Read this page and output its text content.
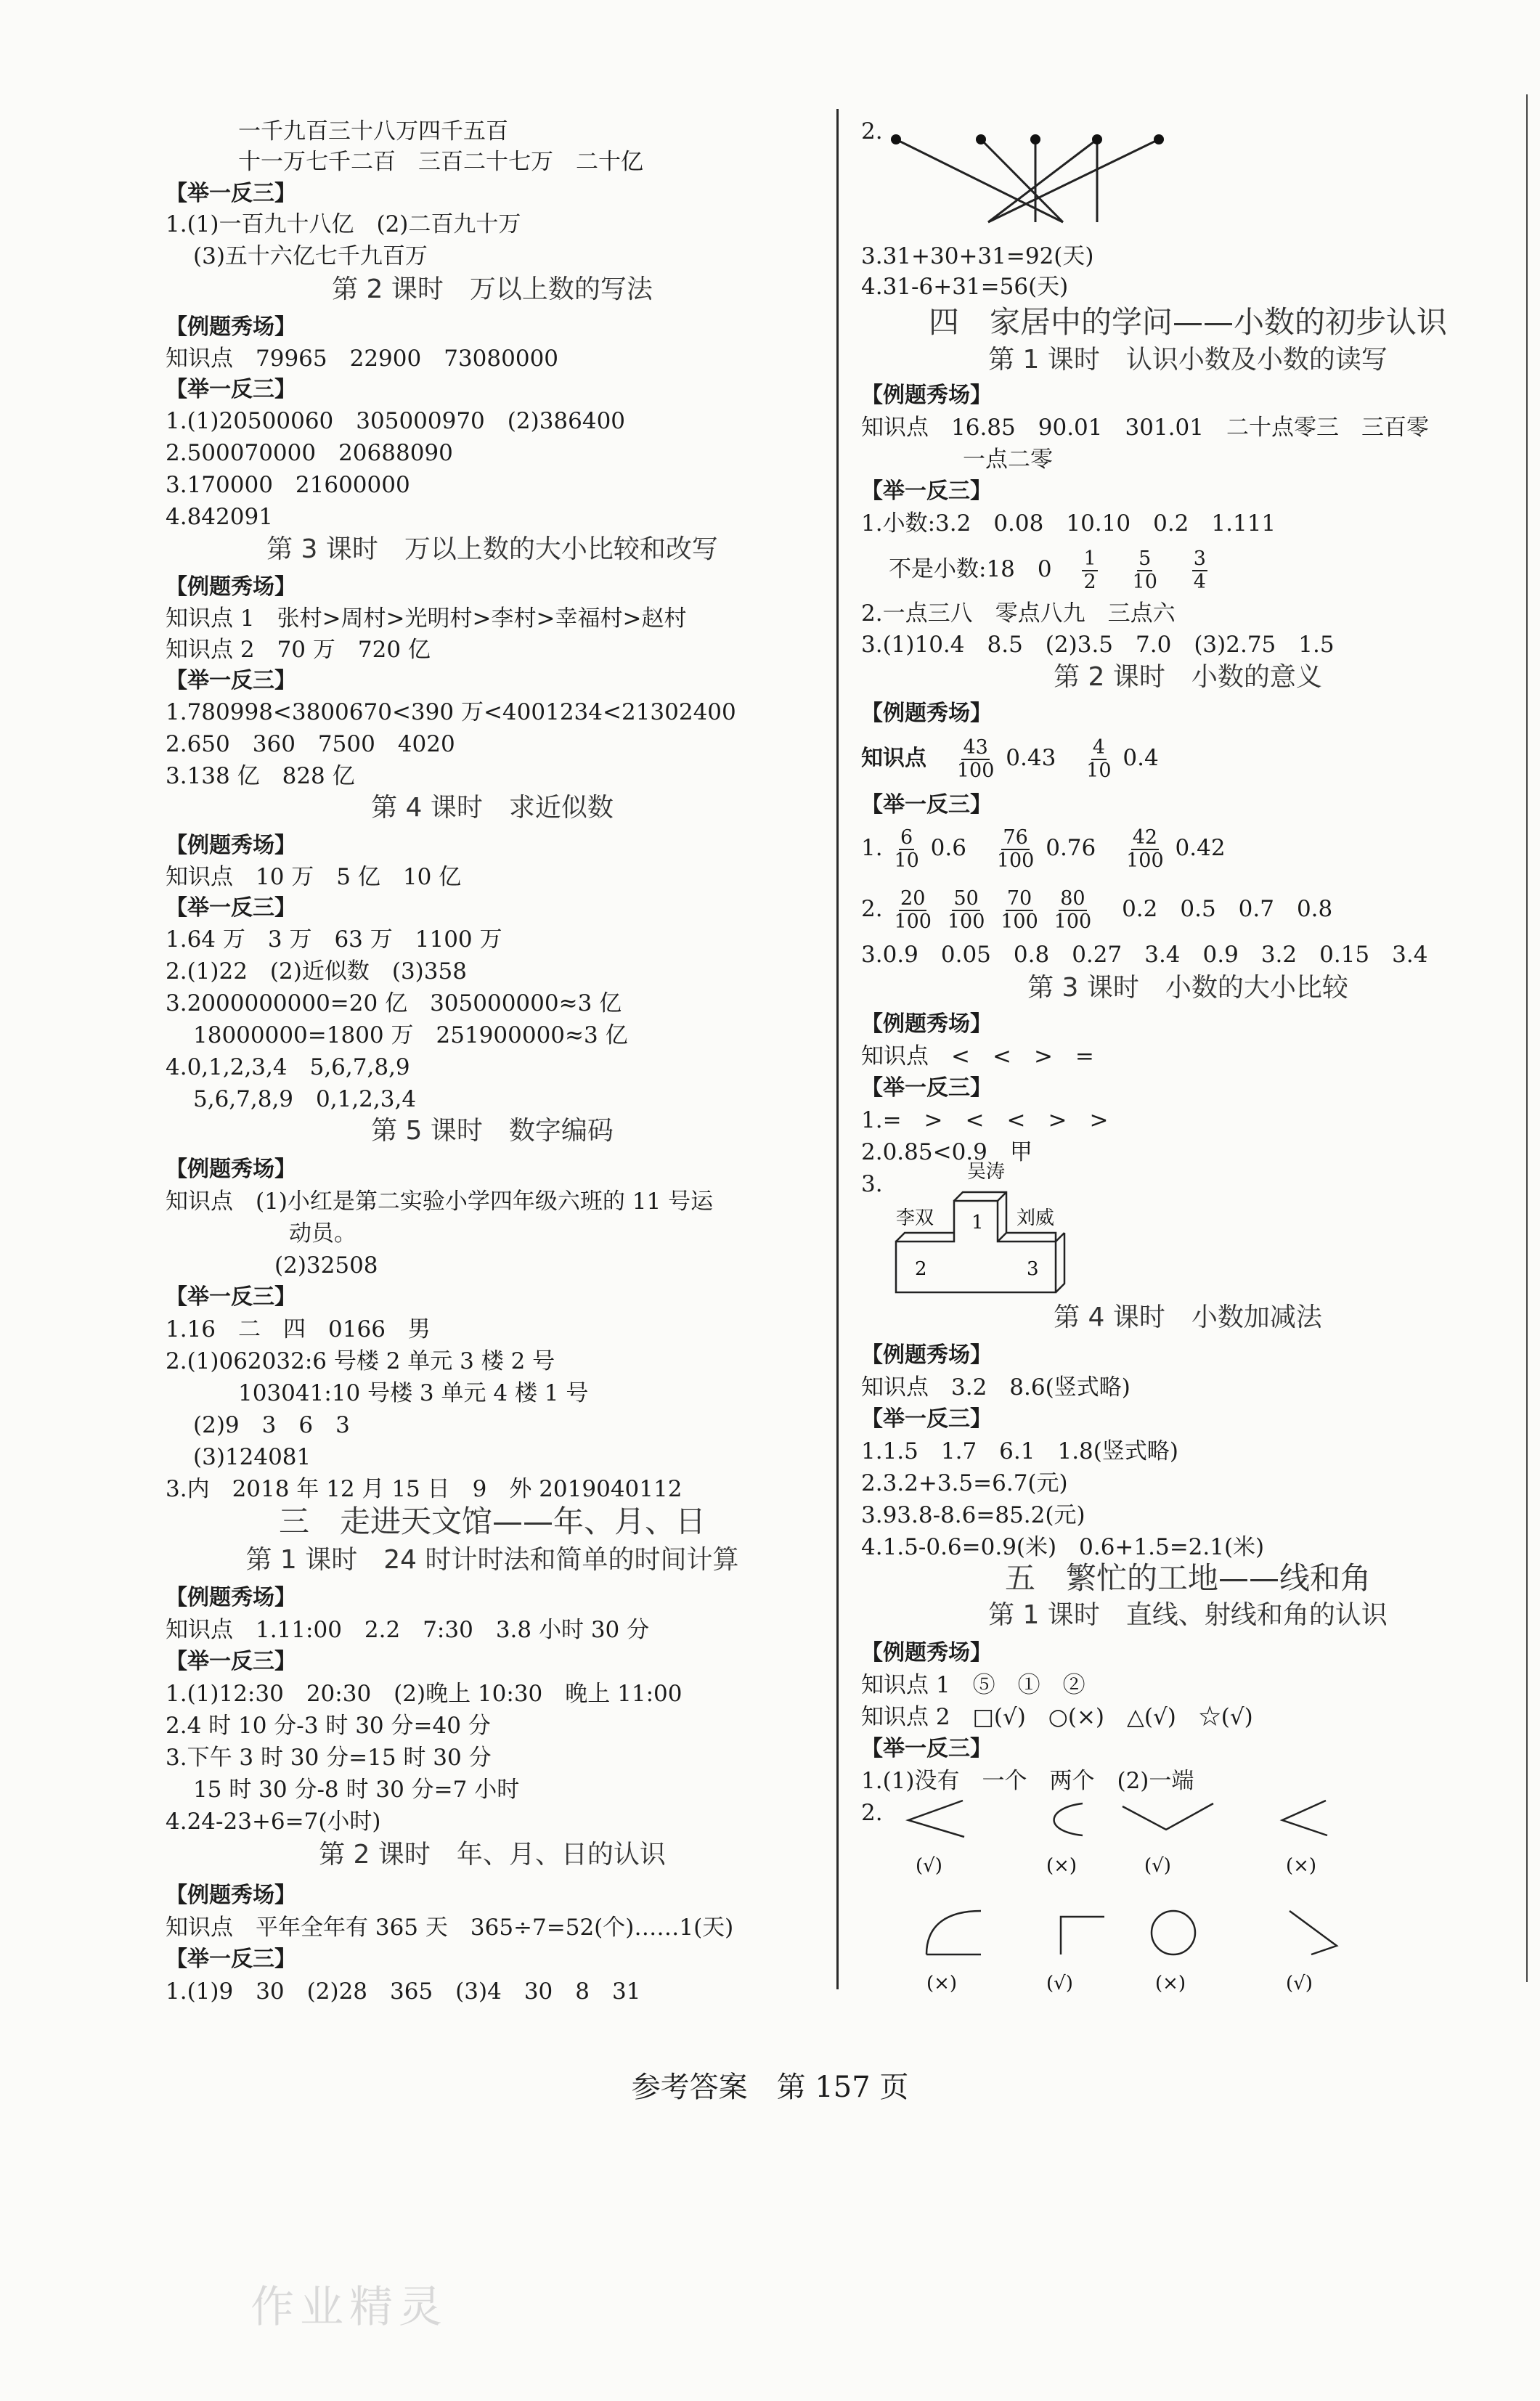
一千九百三十八万四千五百
十一万七千二百　三百二十七万　二十亿
【举一反三】
1.(1)一百九十八亿　(2)二百九十万
(3)五十六亿七千九百万
第 2 课时　万以上数的写法
【例题秀场】
知识点　79965　22900　73080000
【举一反三】
1.(1)20500060　305000970　(2)386400
2.500070000　20688090
3.170000　21600000
4.842091
第 3 课时　万以上数的大小比较和改写
【例题秀场】
知识点 1　张村>周村>光明村>李村>幸福村>赵村
知识点 2　70 万　720 亿
【举一反三】
1.780998<3800670<390 万<4001234<21302400
2.650　360　7500　4020
3.138 亿　828 亿
第 4 课时　求近似数
【例题秀场】
知识点　10 万　5 亿　10 亿
【举一反三】
1.64 万　3 万　63 万　1100 万
2.(1)22　(2)近似数　(3)358
3.2000000000=20 亿　305000000≈3 亿
18000000=1800 万　251900000≈3 亿
4.0,1,2,3,4　5,6,7,8,9
5,6,7,8,9　0,1,2,3,4
第 5 课时　数字编码
【例题秀场】
知识点　(1)小红是第二实验小学四年级六班的 11 号运
动员。
(2)32508
【举一反三】
1.16　二　四　0166　男
2.(1)062032:6 号楼 2 单元 3 楼 2 号
103041:10 号楼 3 单元 4 楼 1 号
(2)9　3　6　3
(3)124081
3.内　2018 年 12 月 15 日　9　外 2019040112
三　走进天文馆——年、月、日
第 1 课时　24 时计时法和简单的时间计算
【例题秀场】
知识点　1.11:00　2.2　7:30　3.8 小时 30 分
【举一反三】
1.(1)12:30　20:30　(2)晚上 10:30　晚上 11:00
2.4 时 10 分-3 时 30 分=40 分
3.下午 3 时 30 分=15 时 30 分
15 时 30 分-8 时 30 分=7 小时
4.24-23+6=7(小时)
第 2 课时　年、月、日的认识
【例题秀场】
知识点　平年全年有 365 天　365÷7=52(个)……1(天)
【举一反三】
1.(1)9　30　(2)28　365　(3)4　30　8　31
2.
3.31+30+31=92(天)
4.31-6+31=56(天)
四　家居中的学问——小数的初步认识
第 1 课时　认识小数及小数的读写
【例题秀场】
知识点　16.85　90.01　301.01　二十点零三　三百零
一点二零
【举一反三】
1.小数:3.2　0.08　10.10　0.2　1.111
不是小数:18　$0 \frac{1}{2}$
$\frac{5}{10}$
$\frac{3}{4}$
2.一点三八　零点八九　三点六
3.(1)10.4　8.5　(2)3.5　7.0　(3)2.75　1.5
第 2 课时　小数的意义
【例题秀场】
知识点 $\frac{43}{100} 0.43 \frac{4}{10} 0.4$
【举一反三】
1. $\frac{6}{10} 0.6 \frac{76}{100} 0.76 \frac{42}{100} 0.42$
2. $\frac{20}{100}$
$\frac{50}{100}$
$\frac{70}{100}$
$\frac{80}{100} 0.2$　0.5　0.7　0.8
3.0.9　0.05　0.8　0.27　3.4　0.9　3.2　0.15　3.4
第 3 课时　小数的大小比较
【例题秀场】
知识点　<　<　>　=
【举一反三】
1.=　>　<　<　>　>
2.0.85<0.9　甲
3.	吴涛
李双	刘威
1
2	3
第 4 课时　小数加减法
【例题秀场】
知识点　3.2　8.6(竖式略)
【举一反三】
1.1.5　1.7　6.1　1.8(竖式略)
2.3.2+3.5=6.7(元)
3.93.8-8.6=85.2(元)
4.1.5-0.6=0.9(米)　0.6+1.5=2.1(米)
五　繁忙的工地——线和角
第 1 课时　直线、射线和角的认识
【例题秀场】
知识点 1　⑤　①　②
知识点 2　□(√)　○(×)　△(√)　☆(√)
【举一反三】
1.(1)没有　一个　两个　(2)一端
2.
(√)	(×)	(√)	(×)
(×)	(√)	(×)	(√)
参考答案　第 157 页
作业精灵
